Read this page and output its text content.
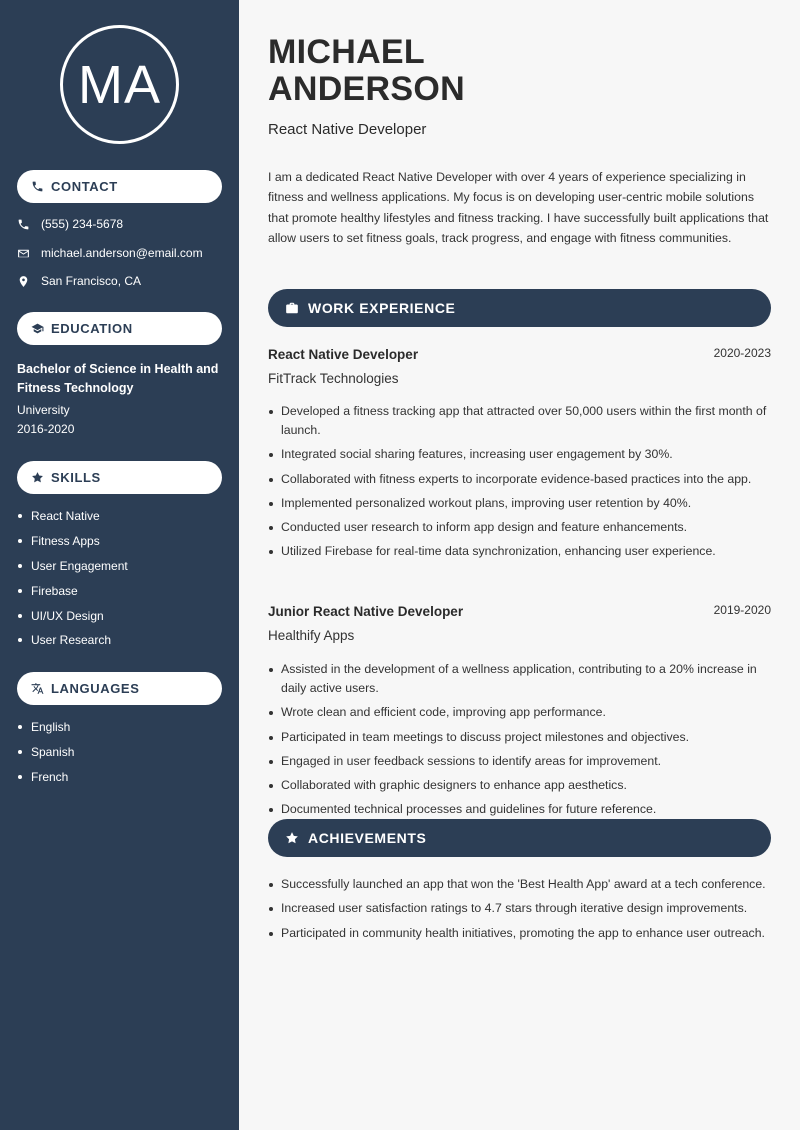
MA
CONTACT
(555) 234-5678
michael.anderson@email.com
San Francisco, CA
EDUCATION
Bachelor of Science in Health and Fitness Technology
University
2016-2020
SKILLS
React Native
Fitness Apps
User Engagement
Firebase
UI/UX Design
User Research
LANGUAGES
English
Spanish
French
MICHAEL
ANDERSON
React Native Developer

I am a dedicated React Native Developer with over 4 years of experience specializing in fitness and wellness applications. My focus is on developing user-centric mobile solutions that promote healthy lifestyles and fitness tracking. I have successfully built applications that allow users to set fitness goals, track progress, and engage with fitness communities.

WORK EXPERIENCE
React Native Developer	2020-2023
FitTrack Technologies
Developed a fitness tracking app that attracted over 50,000 users within the first month of launch.
Integrated social sharing features, increasing user engagement by 30%.
Collaborated with fitness experts to incorporate evidence-based practices into the app.
Implemented personalized workout plans, improving user retention by 40%.
Conducted user research to inform app design and feature enhancements.
Utilized Firebase for real-time data synchronization, enhancing user experience.
Junior React Native Developer	2019-2020
Healthify Apps
Assisted in the development of a wellness application, contributing to a 20% increase in daily active users.
Wrote clean and efficient code, improving app performance.
Participated in team meetings to discuss project milestones and objectives.
Engaged in user feedback sessions to identify areas for improvement.
Collaborated with graphic designers to enhance app aesthetics.
Documented technical processes and guidelines for future reference.
ACHIEVEMENTS
Successfully launched an app that won the 'Best Health App' award at a tech conference.
Increased user satisfaction ratings to 4.7 stars through iterative design improvements.
Participated in community health initiatives, promoting the app to enhance user outreach.
